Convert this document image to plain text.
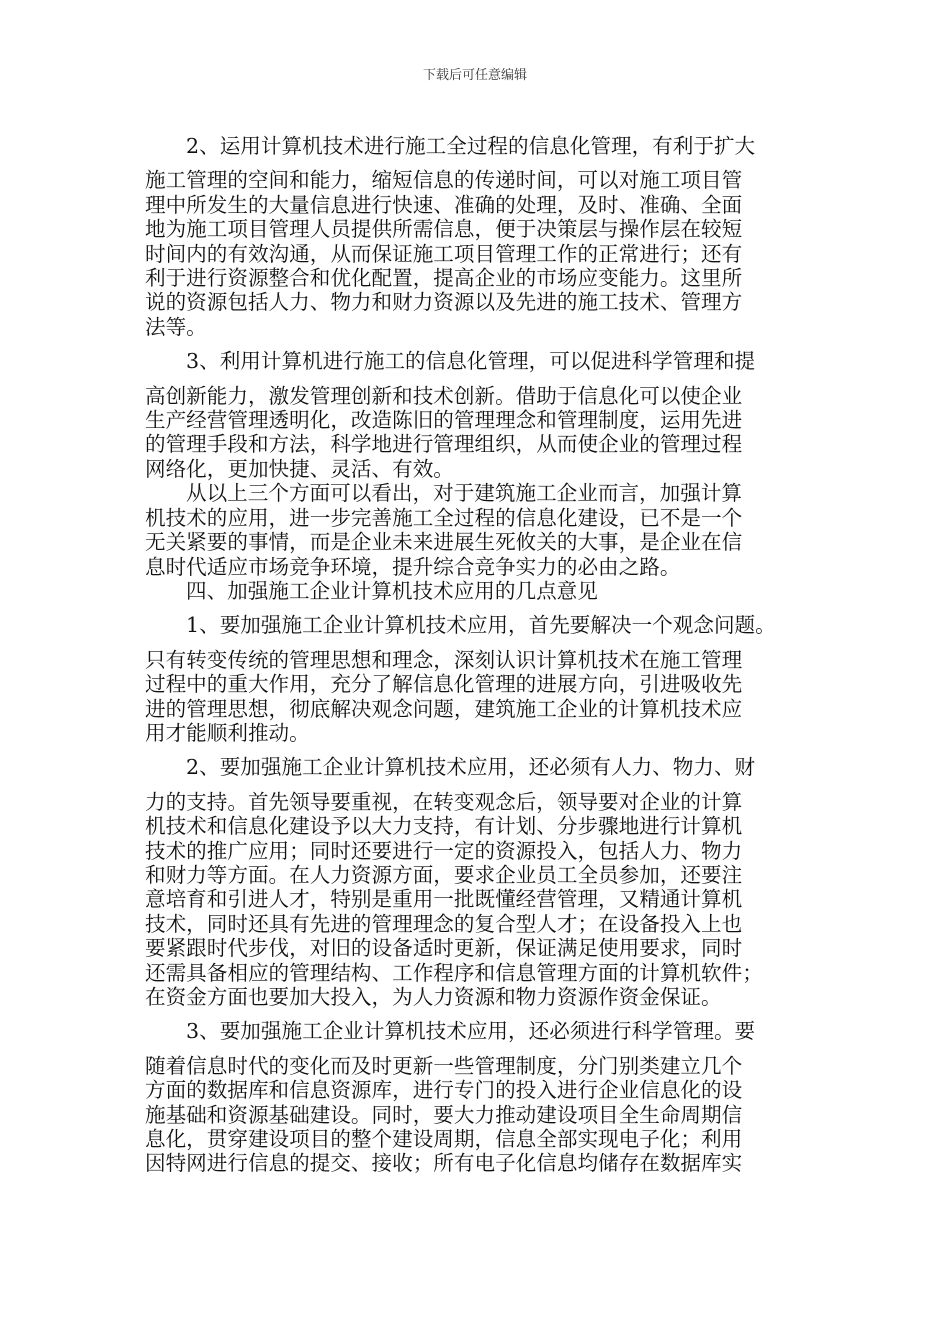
下载后可任意编辑
2、运用计算机技术进行施工全过程的信息化管理，有利于扩大
施工管理的空间和能力，缩短信息的传递时间，可以对施工项目管
理中所发生的大量信息进行快速、准确的处理，及时、准确、全面
地为施工项目管理人员提供所需信息，便于决策层与操作层在较短
时间内的有效沟通，从而保证施工项目管理工作的正常进行；还有
利于进行资源整合和优化配置，提高企业的市场应变能力。这里所
说的资源包括人力、物力和财力资源以及先进的施工技术、管理方
法等。
3、利用计算机进行施工的信息化管理，可以促进科学管理和提
高创新能力，激发管理创新和技术创新。借助于信息化可以使企业
生产经营管理透明化，改造陈旧的管理理念和管理制度，运用先进
的管理手段和方法，科学地进行管理组织，从而使企业的管理过程
网络化，更加快捷、灵活、有效。
从以上三个方面可以看出，对于建筑施工企业而言，加强计算
机技术的应用，进一步完善施工全过程的信息化建设，已不是一个
无关紧要的事情，而是企业未来进展生死攸关的大事，是企业在信
息时代适应市场竞争环境，提升综合竞争实力的必由之路。
四、加强施工企业计算机技术应用的几点意见
1、要加强施工企业计算机技术应用，首先要解决一个观念问题。
只有转变传统的管理思想和理念，深刻认识计算机技术在施工管理
过程中的重大作用，充分了解信息化管理的进展方向，引进吸收先
进的管理思想，彻底解决观念问题，建筑施工企业的计算机技术应
用才能顺利推动。
2、要加强施工企业计算机技术应用，还必须有人力、物力、财
力的支持。首先领导要重视，在转变观念后，领导要对企业的计算
机技术和信息化建设予以大力支持，有计划、分步骤地进行计算机
技术的推广应用；同时还要进行一定的资源投入，包括人力、物力
和财力等方面。在人力资源方面，要求企业员工全员参加，还要注
意培育和引进人才，特别是重用一批既懂经营管理，又精通计算机
技术，同时还具有先进的管理理念的复合型人才；在设备投入上也
要紧跟时代步伐，对旧的设备适时更新，保证满足使用要求，同时
还需具备相应的管理结构、工作程序和信息管理方面的计算机软件；
在资金方面也要加大投入，为人力资源和物力资源作资金保证。
3、要加强施工企业计算机技术应用，还必须进行科学管理。要
随着信息时代的变化而及时更新一些管理制度，分门别类建立几个
方面的数据库和信息资源库，进行专门的投入进行企业信息化的设
施基础和资源基础建设。同时，要大力推动建设项目全生命周期信
息化，贯穿建设项目的整个建设周期，信息全部实现电子化；利用
因特网进行信息的提交、接收；所有电子化信息均储存在数据库实
